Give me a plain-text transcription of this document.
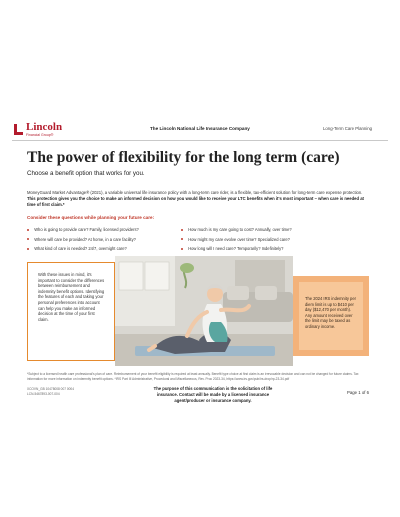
Lincoln
Financial Group®
The Lincoln National Life Insurance Company	Long-Term Care Planning
The power of flexibility for the long term (care)
Choose a benefit option that works for you.

MoneyGuard Market Advantage® (2021), a variable universal life insurance policy with a long-term care rider, is a flexible, tax-efficient solution for long-term care expense protection. This protection gives you the choice to make an informed decision on how you would like to receive your LTC benefits when it's most important – when care is needed at time of first claim.*

Consider these questions while planning your future care:
Who is going to provide care? Family, licensed providers?
Where will care be provided? At home, in a care facility?
What kind of care is needed? 24/7, overnight care?
How much is my care going to cost? Annually, over time?
How might my care evolve over time? Specialized care?
How long will I need care? Temporarily? Indefinitely?

With these issues in mind, it's important to consider the differences between reimbursement and indemnity benefit options. Identifying the features of each and taking your personal preferences into account can help you make an informed decision at the time of your first claim.

The 2024 IRS indemnity per diem limit is up to $410 per day ($12,470 per month). Any amount received over the limit may be taxed as ordinary income.

*Subject to a licensed health care professional's plan of care. Reimbursement of your benefit eligibility is required at least annually. Benefit type choice at first claim is an irrevocable decision and can not be changed for future claims. Tax information for more information on indemnity benefit options. *IRS Part III Administrative, Procedural and Miscellaneous, Rev. Proc 2023-34, https://www.irs.gov/pub/irs-drop/rp-23-34.pdf

XCOVN_GB 10478008 007 0004
LCN-5467893-007-004
The purpose of this communication is the solicitation of life insurance. Contact will be made by a licensed insurance agent/producer or insurance company.
Page 1 of 6
